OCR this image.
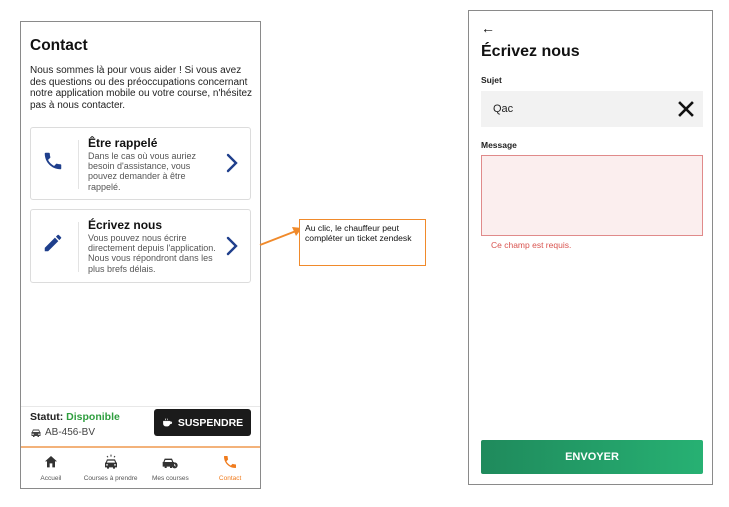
Contact
Nous sommes là pour vous aider ! Si vous avez des questions ou des préoccupations concernant notre application mobile ou votre course, n'hésitez pas à nous contacter.
Être rappelé
Dans le cas où vous auriez besoin d'assistance, vous pouvez demander à être rappelé.
Écrivez nous
Vous pouvez nous écrire directement depuis l'application. Nous vous répondront dans les plus brefs délais.
Statut: Disponible
AB-456-BV
SUSPENDRE
Accueil	Courses à prendre Mes courses	Contact
Au clic, le chauffeur peut compléter un ticket zendesk
←
Écrivez nous
Sujet
Qac
Message
Ce champ est requis.
ENVOYER
